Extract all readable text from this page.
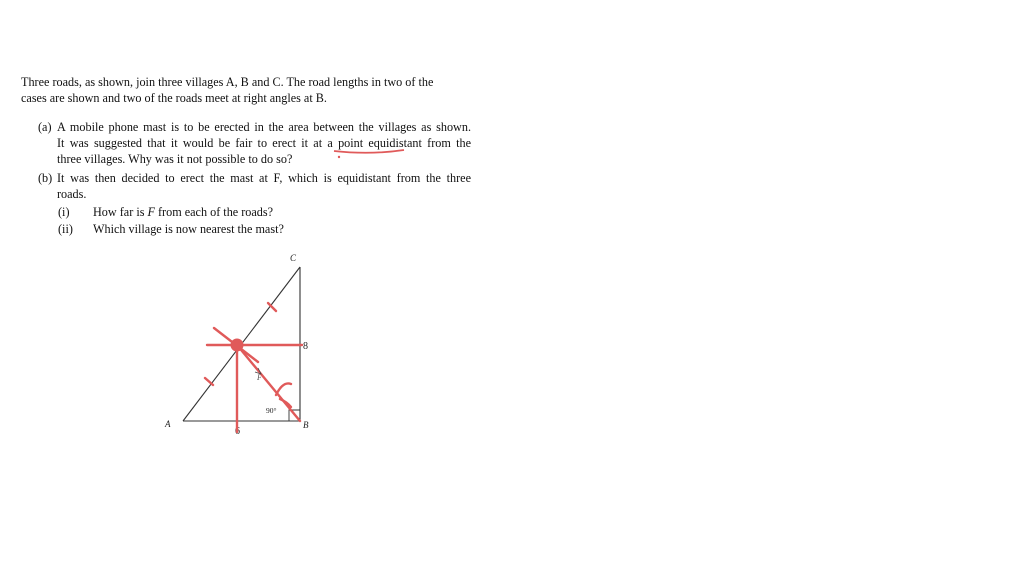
Three roads, as shown, join three villages A, B and C. The road lengths in two of the
cases are shown and two of the roads meet at right angles at B.
(a) A mobile phone mast is to be erected in the area between the villages as shown.
It was suggested that it would be fair to erect it at a point equidistant from the
three villages. Why was it not possible to do so?
(b) It was then decided to erect the mast at F, which is equidistant from the three
roads.
(i) How far is F from each of the roads?
(ii) Which village is now nearest the mast?
C
A	B
8
6
90°
F
